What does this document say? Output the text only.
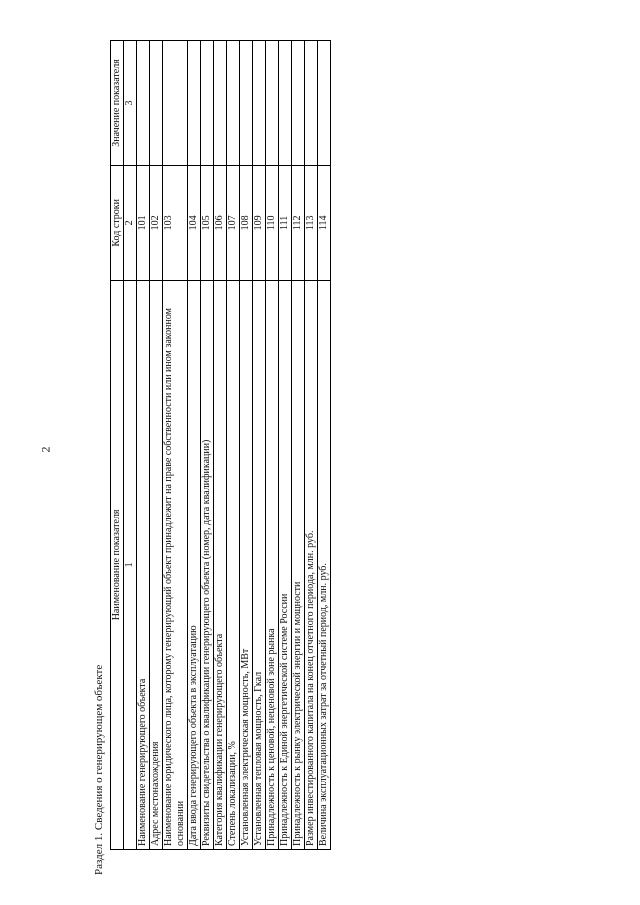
2
Раздел 1. Сведения о генерирующем объекте
Наименование показателя	Код строки	Значение показателя
1	2	3
Наименование генерирующего объекта	101	
Адрес местонахождения	102	
Наименование юридического лица, которому генерирующий объект принадлежит на праве собственности или ином законном основании	103	
Дата ввода генерирующего объекта в эксплуатацию	104	
Реквизиты свидетельства о квалификации генерирующего объекта (номер, дата квалификации)	105	
Категория квалификации генерирующего объекта	106	
Степень локализации, %	107	
Установленная электрическая мощность, МВт	108	
Установленная тепловая мощность, Гкал	109	
Принадлежность к ценовой, неценовой зоне рынка	110	
Принадлежность к Единой энергетической системе России	111	
Принадлежность к рынку электрической энергии и мощности	112	
Размер инвестированного капитала на конец отчетного периода, млн. руб.	113	
Величина эксплуатационных затрат за отчетный период, млн. руб.	114	
